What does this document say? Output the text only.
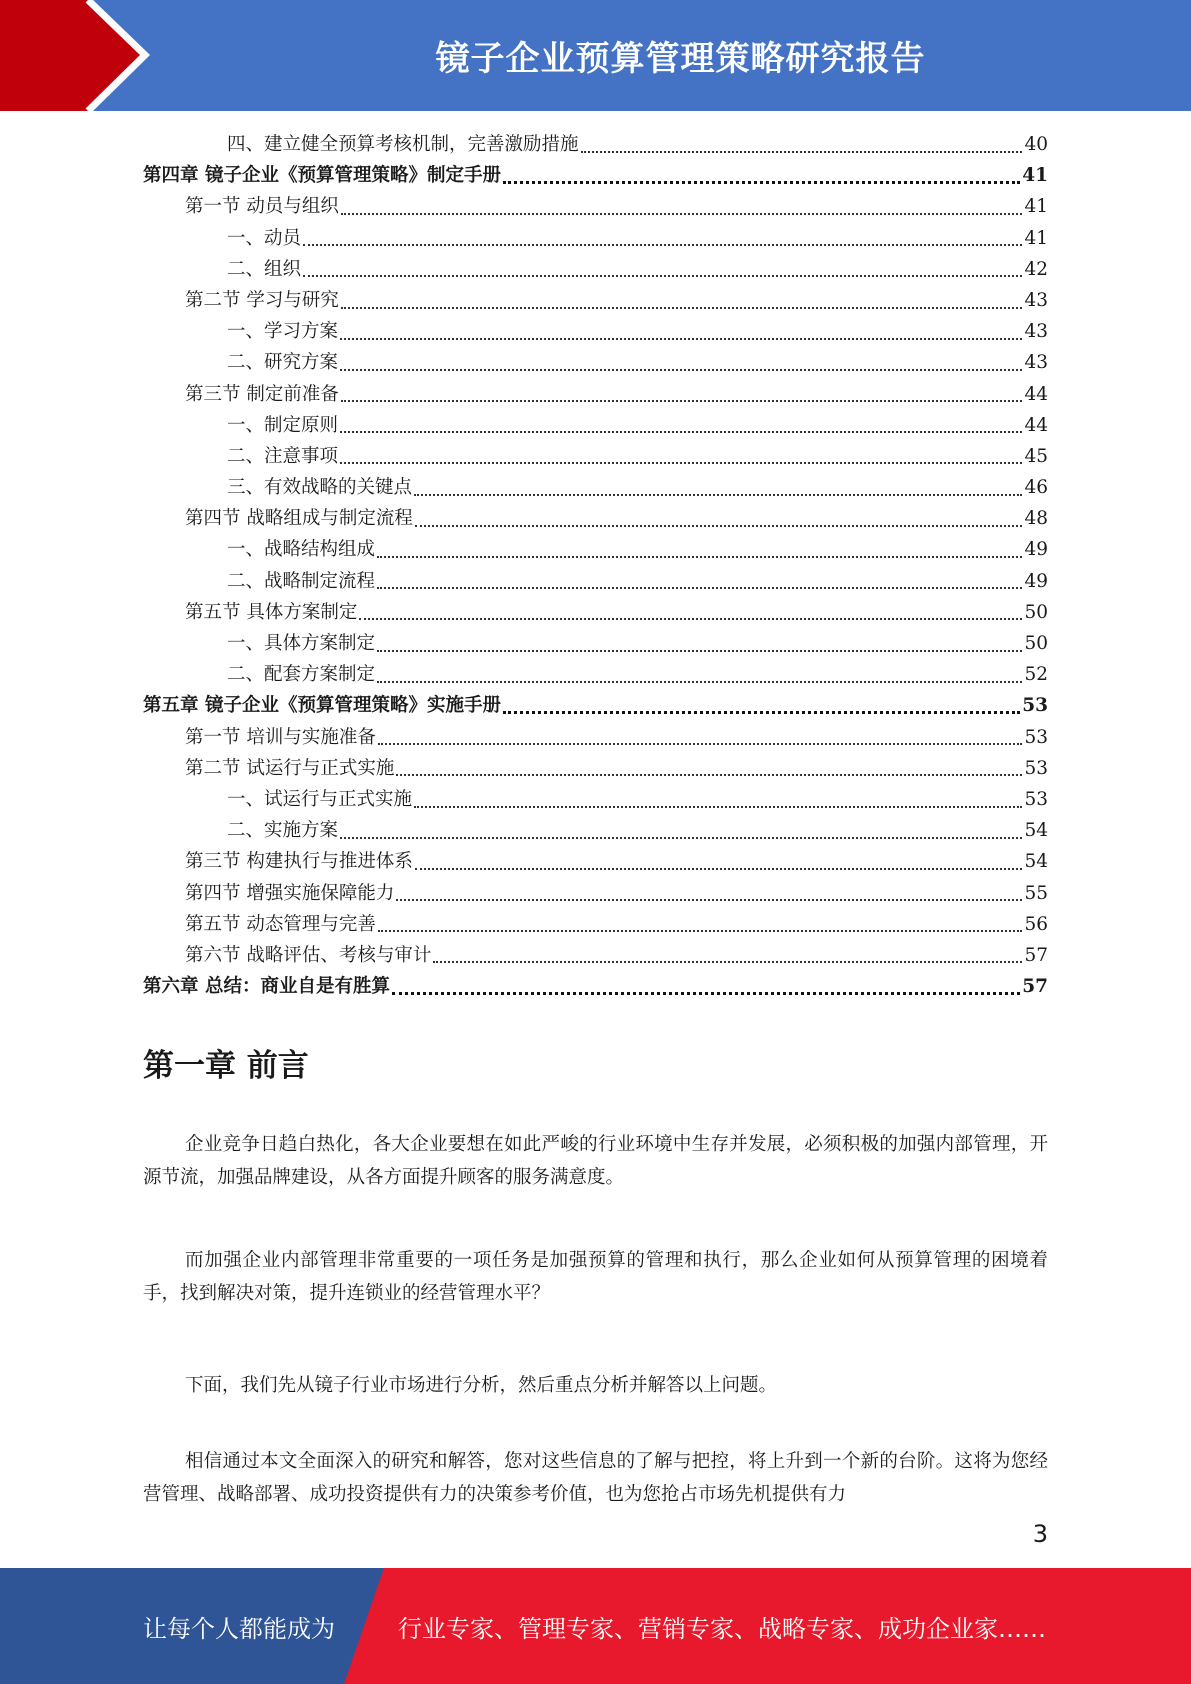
镜子企业预算管理策略研究报告
四、建立健全预算考核机制，完善激励措施	40
第四章 镜子企业《预算管理策略》制定手册	41
第一节 动员与组织	41
一、动员	41
二、组织	42
第二节 学习与研究	43
一、学习方案	43
二、研究方案	43
第三节 制定前准备	44
一、制定原则	44
二、注意事项	45
三、有效战略的关键点	46
第四节 战略组成与制定流程	48
一、战略结构组成	49
二、战略制定流程	49
第五节 具体方案制定	50
一、具体方案制定	50
二、配套方案制定	52
第五章 镜子企业《预算管理策略》实施手册	53
第一节 培训与实施准备	53
第二节 试运行与正式实施	53
一、试运行与正式实施	53
二、实施方案	54
第三节 构建执行与推进体系	54
第四节 增强实施保障能力	55
第五节 动态管理与完善	56
第六节 战略评估、考核与审计	57
第六章 总结：商业自是有胜算	57
第一章 前言

企业竞争日趋白热化，各大企业要想在如此严峻的行业环境中生存并发展，必须积极的加强内部管理，开源节流，加强品牌建设，从各方面提升顾客的服务满意度。

而加强企业内部管理非常重要的一项任务是加强预算的管理和执行，那么企业如何从预算管理的困境着手，找到解决对策，提升连锁业的经营管理水平？

下面，我们先从镜子行业市场进行分析，然后重点分析并解答以上问题。

相信通过本文全面深入的研究和解答，您对这些信息的了解与把控，将上升到一个新的台阶。这将为您经营管理、战略部署、成功投资提供有力的决策参考价值，也为您抢占市场先机提供有力

3
让每个人都能成为	行业专家、管理专家、营销专家、战略专家、成功企业家……
